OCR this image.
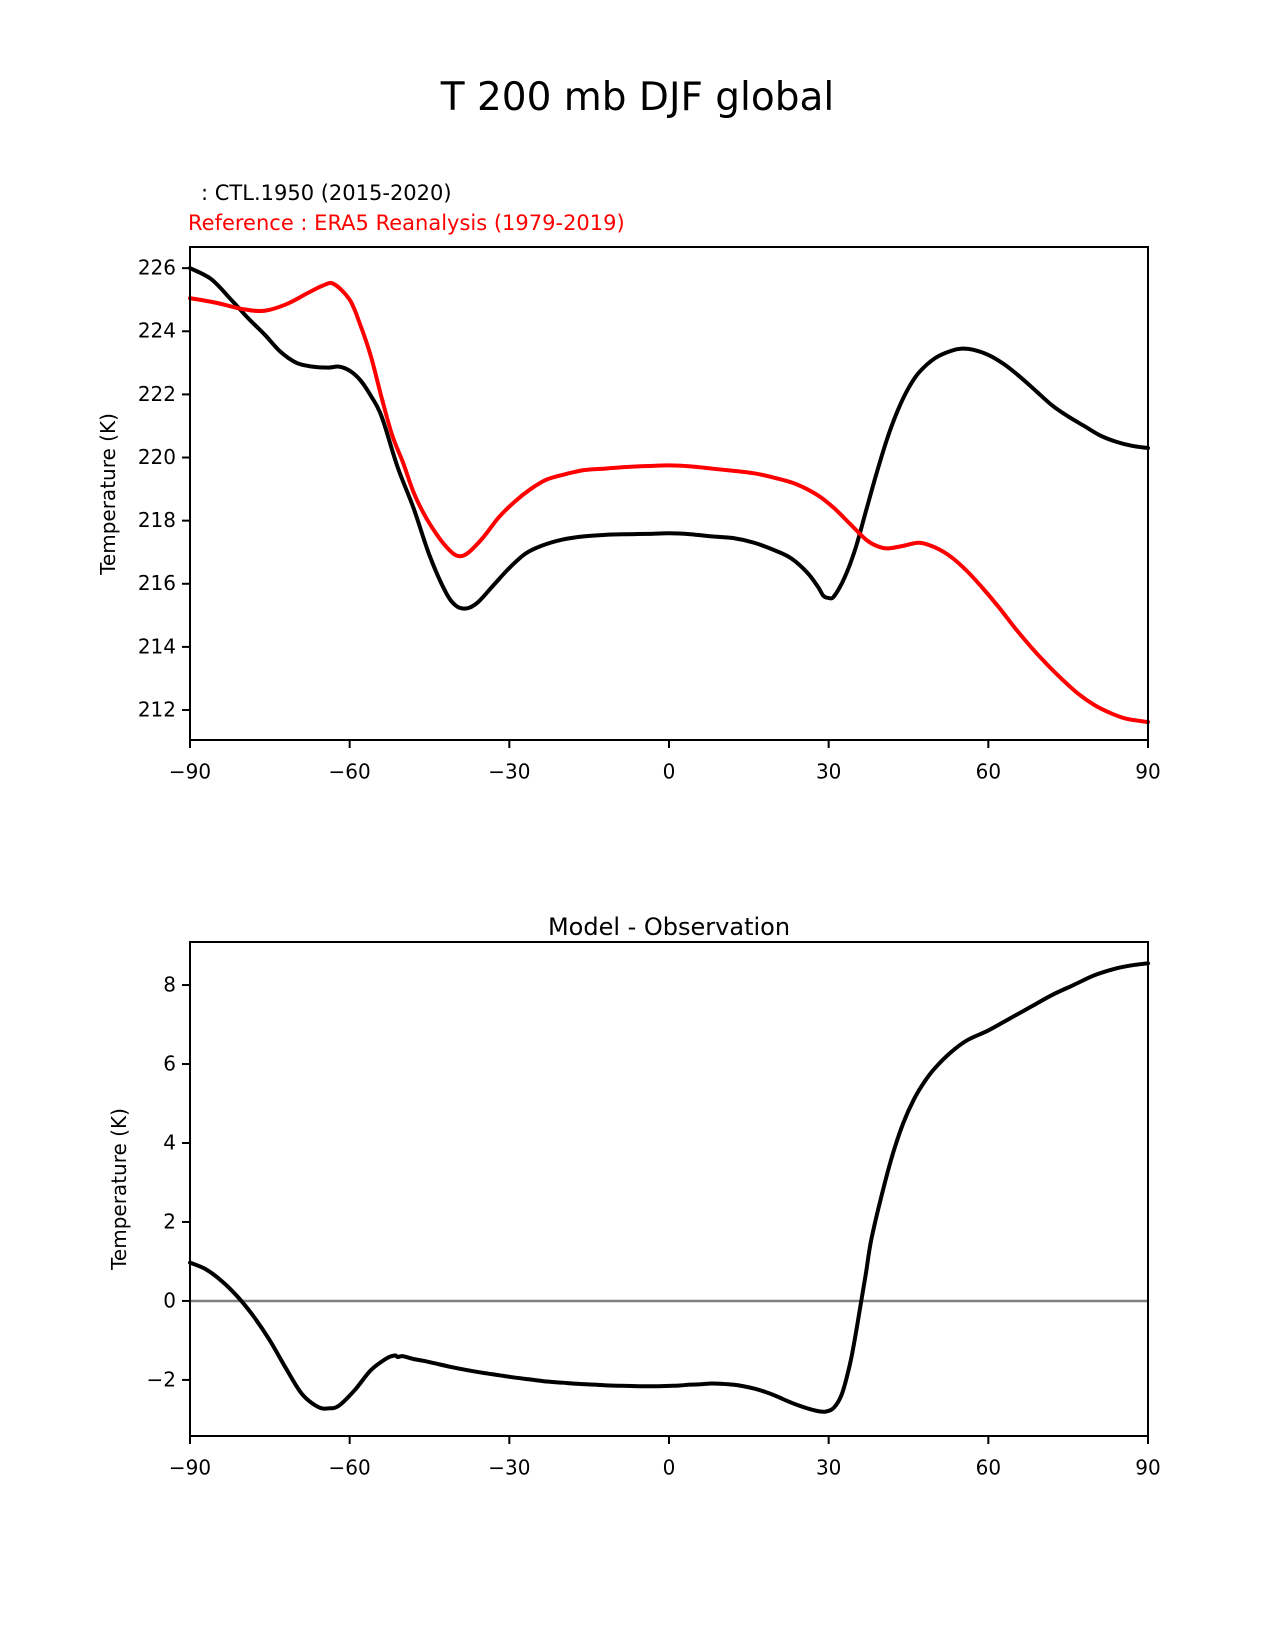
T 200 mb DJF global
: CTL.1950 (2015-2020)
Reference : ERA5 Reanalysis (1979-2019)
Temperature (K)
Temperature (K)
Model - Observation
−90	−60	−30	0	30	60	90
212
214
216
218
220
222
224
226
−90	−60	−30	0	30	60	90
−2
0
2
4
6
8
